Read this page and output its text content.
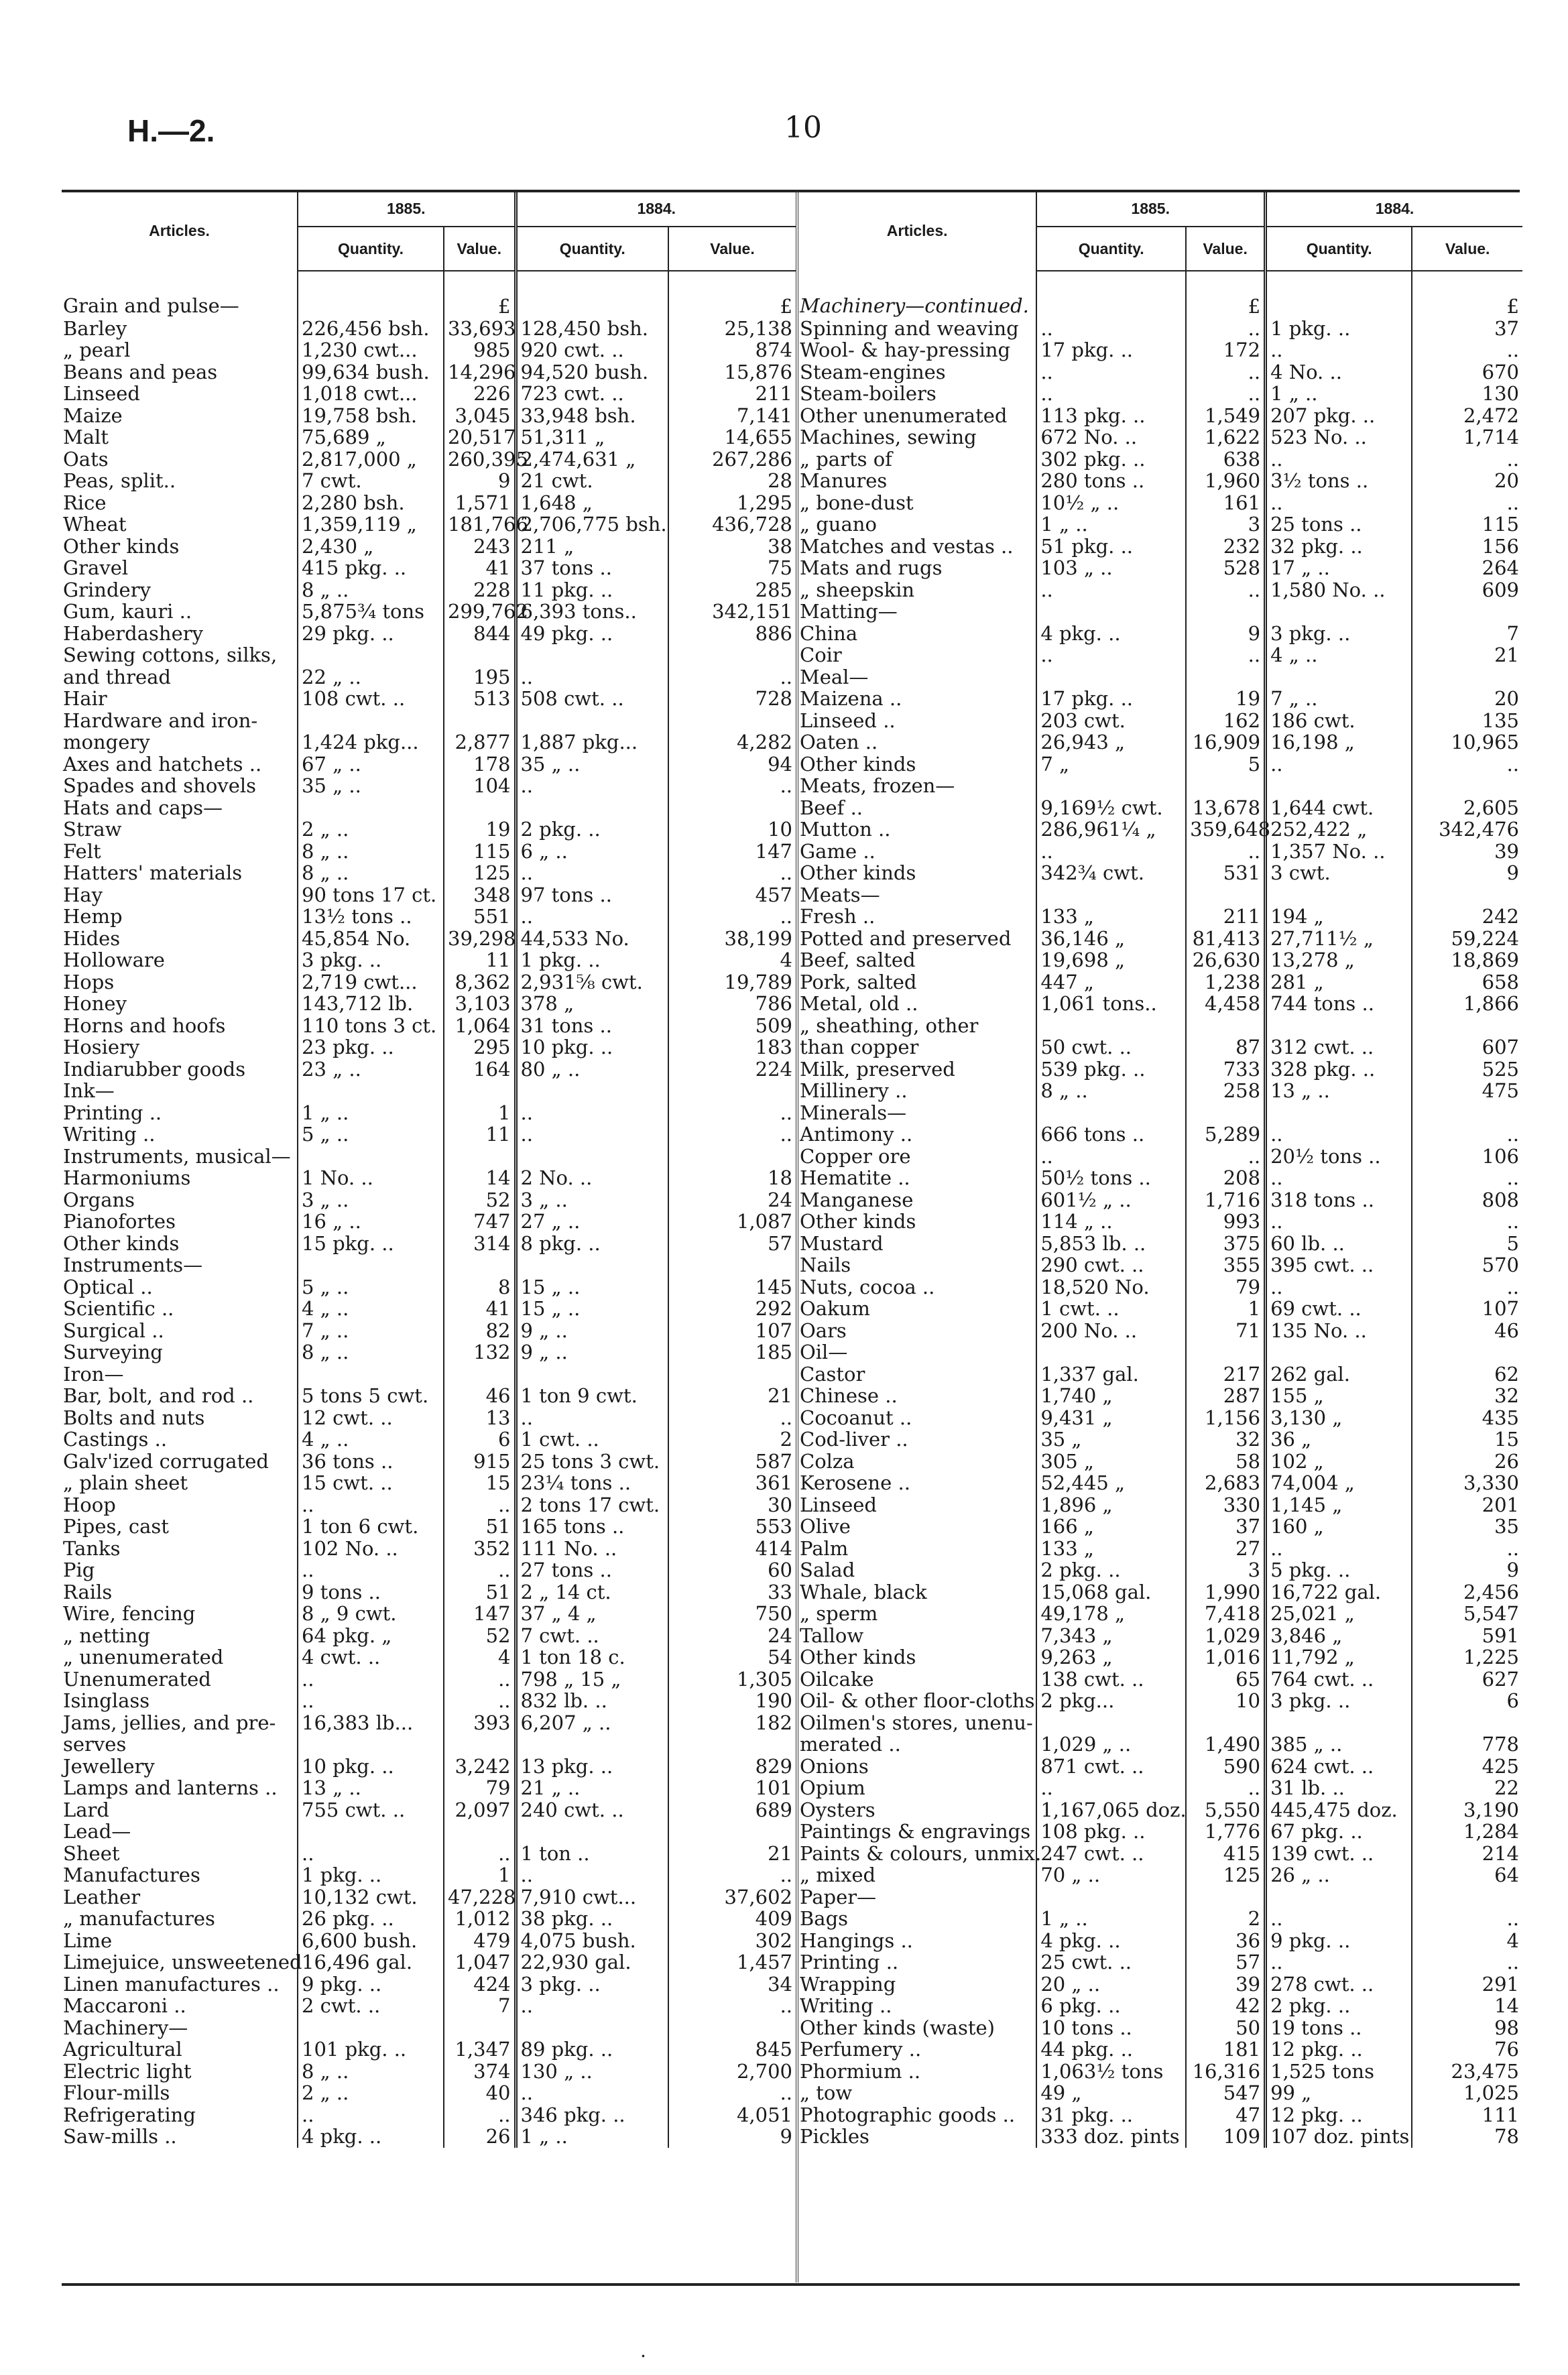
H.—2.	10
Articles.	1885.		1884.	
	Quantity.	Value.	Quantity.	Value.
Grain and pulse—		£		£
Barley	226,456 bsh.	33,693	128,450 bsh.	25,138
„ pearl	1,230 cwt...	985	920 cwt. ..	874
Beans and peas	99,634 bush.	14,296	94,520 bush.	15,876
Linseed	1,018 cwt...	226	723 cwt. ..	211
Maize	19,758 bsh.	3,045	33,948 bsh.	7,141
Malt	75,689 „	20,517	51,311 „	14,655
Oats	2,817,000 „	260,395	2,474,631 „	267,286
Peas, split..	7 cwt.	9	21 cwt.	28
Rice	2,280 bsh.	1,571	1,648 „	1,295
Wheat	1,359,119 „	181,766	2,706,775 bsh.	436,728
Other kinds	2,430 „	243	211 „	38
Gravel	415 pkg. ..	41	37 tons ..	75
Grindery	8 „ ..	228	11 pkg. ..	285
Gum, kauri ..	5,875¾ tons	299,762	6,393 tons..	342,151
Haberdashery	29 pkg. ..	844	49 pkg. ..	886
Sewing cottons, silks,				
and thread	22 „ ..	195	..	..
Hair	108 cwt. ..	513	508 cwt. ..	728
Hardware and iron-				
mongery	1,424 pkg...	2,877	1,887 pkg...	4,282
Axes and hatchets ..	67 „ ..	178	35 „ ..	94
Spades and shovels	35 „ ..	104	..	..
Hats and caps—				
Straw	2 „ ..	19	2 pkg. ..	10
Felt	8 „ ..	115	6 „ ..	147
Hatters' materials	8 „ ..	125	..	..
Hay	90 tons 17 ct.	348	97 tons ..	457
Hemp	13½ tons ..	551	..	..
Hides	45,854 No.	39,298	44,533 No.	38,199
Holloware	3 pkg. ..	11	1 pkg. ..	4
Hops	2,719 cwt...	8,362	2,931⅝ cwt.	19,789
Honey	143,712 lb.	3,103	378 „	786
Horns and hoofs	110 tons 3 ct.	1,064	31 tons ..	509
Hosiery	23 pkg. ..	295	10 pkg. ..	183
Indiarubber goods	23 „ ..	164	80 „ ..	224
Ink—				
Printing ..	1 „ ..	1	..	..
Writing ..	5 „ ..	11	..	..
Instruments, musical—				
Harmoniums	1 No. ..	14	2 No. ..	18
Organs	3 „ ..	52	3 „ ..	24
Pianofortes	16 „ ..	747	27 „ ..	1,087
Other kinds	15 pkg. ..	314	8 pkg. ..	57
Instruments—				
Optical ..	5 „ ..	8	15 „ ..	145
Scientific ..	4 „ ..	41	15 „ ..	292
Surgical ..	7 „ ..	82	9 „ ..	107
Surveying	8 „ ..	132	9 „ ..	185
Iron—				
Bar, bolt, and rod ..	5 tons 5 cwt.	46	1 ton 9 cwt.	21
Bolts and nuts	12 cwt. ..	13	..	..
Castings ..	4 „ ..	6	1 cwt. ..	2
Galv'ized corrugated	36 tons ..	915	25 tons 3 cwt.	587
„ plain sheet	15 cwt. ..	15	23¼ tons ..	361
Hoop	..	..	2 tons 17 cwt.	30
Pipes, cast	1 ton 6 cwt.	51	165 tons ..	553
Tanks	102 No. ..	352	111 No. ..	414
Pig	..	..	27 tons ..	60
Rails	9 tons ..	51	2 „ 14 ct.	33
Wire, fencing	8 „ 9 cwt.	147	37 „ 4 „	750
„ netting	64 pkg. „	52	7 cwt. ..	24
„ unenumerated	4 cwt. ..	4	1 ton 18 c.	54
Unenumerated	..	..	798 „ 15 „	1,305
Isinglass	..	..	832 lb. ..	190
Jams, jellies, and pre-	16,383 lb...	393	6,207 „ ..	182
serves				
Jewellery	10 pkg. ..	3,242	13 pkg. ..	829
Lamps and lanterns ..	13 „ ..	79	21 „ ..	101
Lard	755 cwt. ..	2,097	240 cwt. ..	689
Lead—				
Sheet	..	..	1 ton ..	21
Manufactures	1 pkg. ..	1	..	..
Leather	10,132 cwt.	47,228	7,910 cwt...	37,602
„ manufactures	26 pkg. ..	1,012	38 pkg. ..	409
Lime	6,600 bush.	479	4,075 bush.	302
Limejuice, unsweetened	16,496 gal.	1,047	22,930 gal.	1,457
Linen manufactures ..	9 pkg. ..	424	3 pkg. ..	34
Maccaroni ..	2 cwt. ..	7	..	..
Machinery—				
Agricultural	101 pkg. ..	1,347	89 pkg. ..	845
Electric light	8 „ ..	374	130 „ ..	2,700
Flour-mills	2 „ ..	40	..	..
Refrigerating	..	..	346 pkg. ..	4,051
Saw-mills ..	4 pkg. ..	26	1 „ ..	9
Articles.	1885.		1884.	
	Quantity.	Value.	Quantity.	Value.
Machinery—continued.		£		£
Spinning and weaving	..	..	1 pkg. ..	37
Wool- & hay-pressing	17 pkg. ..	172	..	..
Steam-engines	..	..	4 No. ..	670
Steam-boilers	..	..	1 „ ..	130
Other unenumerated	113 pkg. ..	1,549	207 pkg. ..	2,472
Machines, sewing	672 No. ..	1,622	523 No. ..	1,714
„ parts of	302 pkg. ..	638	..	..
Manures	280 tons ..	1,960	3½ tons ..	20
„ bone-dust	10½ „ ..	161	..	..
„ guano	1 „ ..	3	25 tons ..	115
Matches and vestas ..	51 pkg. ..	232	32 pkg. ..	156
Mats and rugs	103 „ ..	528	17 „ ..	264
„ sheepskin	..	..	1,580 No. ..	609
Matting—				
China	4 pkg. ..	9	3 pkg. ..	7
Coir	..	..	4 „ ..	21
Meal—				
Maizena ..	17 pkg. ..	19	7 „ ..	20
Linseed ..	203 cwt.	162	186 cwt.	135
Oaten ..	26,943 „	16,909	16,198 „	10,965
Other kinds	7 „	5	..	..
Meats, frozen—				
Beef ..	9,169½ cwt.	13,678	1,644 cwt.	2,605
Mutton ..	286,961¼ „	359,648	252,422 „	342,476
Game ..	..	..	1,357 No. ..	39
Other kinds	342¾ cwt.	531	3 cwt.	9
Meats—				
Fresh ..	133 „	211	194 „	242
Potted and preserved	36,146 „	81,413	27,711½ „	59,224
Beef, salted	19,698 „	26,630	13,278 „	18,869
Pork, salted	447 „	1,238	281 „	658
Metal, old ..	1,061 tons..	4,458	744 tons ..	1,866
„ sheathing, other				
than copper	50 cwt. ..	87	312 cwt. ..	607
Milk, preserved	539 pkg. ..	733	328 pkg. ..	525
Millinery ..	8 „ ..	258	13 „ ..	475
Minerals—				
Antimony ..	666 tons ..	5,289	..	..
Copper ore	..	..	20½ tons ..	106
Hematite ..	50½ tons ..	208	..	..
Manganese	601½ „ ..	1,716	318 tons ..	808
Other kinds	114 „ ..	993	..	..
Mustard	5,853 lb. ..	375	60 lb. ..	5
Nails	290 cwt. ..	355	395 cwt. ..	570
Nuts, cocoa ..	18,520 No.	79	..	..
Oakum	1 cwt. ..	1	69 cwt. ..	107
Oars	200 No. ..	71	135 No. ..	46
Oil—				
Castor	1,337 gal.	217	262 gal.	62
Chinese ..	1,740 „	287	155 „	32
Cocoanut ..	9,431 „	1,156	3,130 „	435
Cod-liver ..	35 „	32	36 „	15
Colza	305 „	58	102 „	26
Kerosene ..	52,445 „	2,683	74,004 „	3,330
Linseed	1,896 „	330	1,145 „	201
Olive	166 „	37	160 „	35
Palm	133 „	27	..	..
Salad	2 pkg. ..	3	5 pkg. ..	9
Whale, black	15,068 gal.	1,990	16,722 gal.	2,456
„ sperm	49,178 „	7,418	25,021 „	5,547
Tallow	7,343 „	1,029	3,846 „	591
Other kinds	9,263 „	1,016	11,792 „	1,225
Oilcake	138 cwt. ..	65	764 cwt. ..	627
Oil- & other floor-cloths	2 pkg...	10	3 pkg. ..	6
Oilmen's stores, unenu-				
merated ..	1,029 „ ..	1,490	385 „ ..	778
Onions	871 cwt. ..	590	624 cwt. ..	425
Opium	..	..	31 lb. ..	22
Oysters	1,167,065 doz.	5,550	445,475 doz.	3,190
Paintings & engravings	108 pkg. ..	1,776	67 pkg. ..	1,284
Paints & colours, unmix.	247 cwt. ..	415	139 cwt. ..	214
„ mixed	70 „ ..	125	26 „ ..	64
Paper—				
Bags	1 „ ..	2	..	..
Hangings ..	4 pkg. ..	36	9 pkg. ..	4
Printing ..	25 cwt. ..	57	..	..
Wrapping	20 „ ..	39	278 cwt. ..	291
Writing ..	6 pkg. ..	42	2 pkg. ..	14
Other kinds (waste)	10 tons ..	50	19 tons ..	98
Perfumery ..	44 pkg. ..	181	12 pkg. ..	76
Phormium ..	1,063½ tons	16,316	1,525 tons	23,475
„ tow	49 „	547	99 „	1,025
Photographic goods ..	31 pkg. ..	47	12 pkg. ..	111
Pickles	333 doz. pints	109	107 doz. pints	78
.
